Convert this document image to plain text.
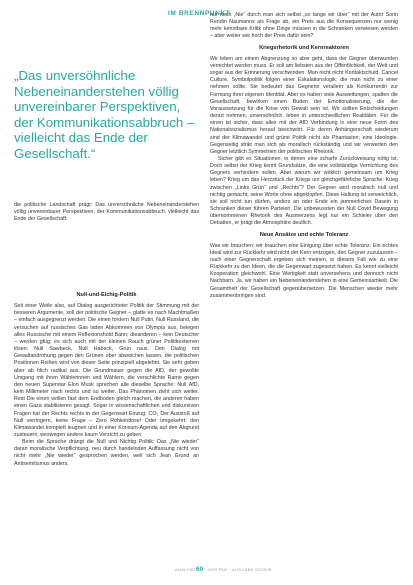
IM BRENNPUNKT

„Das unversöhnliche Nebeneinanderstehen völlig unvereinbarer Perspektiven, der Kommunikationsabbruch – vielleicht das Ende der Gesellschaft.“

die politische Landschaft prägt: Das unversöhnliche Nebeneinanderstehen völlig unvereinbarer Perspektiven, der Kommunikationsabbruch, vielleicht das Ende der Gesellschaft.

Null-und-Eichig-Politik

Seit einer Weile also, auf Dialog ausgerichteter Politik der Stimmung mit der besseren Argumente, soll der politische Gegner – glatte es nach Machtmaßen – einfach ausgegrenzt werden: Die einen fordern Null Putin, Null Russland, die versuchen auf russisches Gas laden Abkommen von Olympia aus, belegen alles Russische mit einem Reflexionshold Bann; dieanderen – kein Deutscher – werden gfüg; es sich auch mit der kleinen Rauch grüner Politikexternen lösen: Null Sawbeck, Null Habeck, Grün raus. Den Dialog mit Gewaltandrohung gegen den Grünen ober abweichen lassen, die politischen Positionen Reihen wird von dieser Seite prinzipiell abgelehnt. Sie sehr geben aber ab hlich radikal aus. Die Grundmauer gegen die AfD, der gewollte Umgang mit ihren Wählerinnen und Wählern, die verschlichte Rame gegen den neuen Superstar Elon Musk sprechen alle dieselbe Sprache: Null AfD, kein Millimeter nach rechts und so weiter. Das Phänomen zieht sich weiter. Rest Die einen wollen fast dem Endboden gleich machen, die anderen haben einen Gaza stabilisieren gesagt. Sogar in wissenschaftlichen und diskursiven Fragen hat der Rechts rechts in der Gegenwart Einzug: CO₂ Der Ausstoß auf Null verringern, keine Frage – Zero Rohleindose! Oder umgekehrt: den Klimawandel komplett leugnen und in einer Konsum-Agenda auf den Abgrund zusteuern, weswegen andere kaum Verzicht zu geben.

Beim die Sprache drängt die Null und Nichtig Politik: Das „Nie wieder“ daran moralische Verpflichtung, neu durch handelnden Auffassung nicht von nicht mehr „Nie wieder“ gesprochen werden, weil sich Jean Grund an Antisemitismus anders.

nur noch „Nie“ durch man sich selbst „so lange wir über“ mit der Autor Sorin Rendin Naumanns als Frage ab, ein Preis aus die Konsequenzen nur wenig mehr kenntbare Kritik ohne Dinge müssen in die Schranken verwiesen werden – aber weiter wie hoch der Preis dafür sein?

Kriegsrhetorik und Kernreaktoren

Wir leben am einem Abgrenzung so aber geht, dass der Gegner überwunden vernichtet werden muss. Er soll am liebsten aus der Öffentlichkeit, der Welt und sogar aus der Erinnerung verschwinden. Man nicht nicht Kontaktschuld, Cancel Culture, Symbolpolitik folgen einer Eskalationslogik: die man nicht zu einer nehmen sollte. Sie bedeutet das Gegnerin verallem als Konkurrentin zur Formung ihrer eigenen Identität. Aber es haben viele Ausweitungen, spalten die Gesellschaft, bewirken einen Buden der Emotionalisierung, die der Voraussetzung für die Krise von Gewalt sein ist. Wir sollten Entscheidungen derart nehmen, unversöhnlich, leben in unterschiedlichen Realitäten. Für die einen ist sicher, dass alles mit der AfD Verbindung in eine neue Form des Nationalsozialismus herauf beschwört. Für deren Anhängerschaft wiederum sind der Klimawandel und grüne Politik nicht als Phantasien; eine Ideologie. Gegenseitig strikt man sich als moralisch rückständig und wir verwerten den Gegner letztlich Symmetrien der politischen Rhetorik.

Sicher gibt es Situationen, in denen eine scharfe Zurückweisung nötig ist. Doch selbst der Krieg kennt Grundsätze, die eine vollständige Vernichtung des Gegners verhindern sollen. Aber warum wir wirklich gemeinsam um Krieg leben? Krieg um das Herzstück der Kriegs um gleichgefährliche Sprache: Krieg zwischen „Links Grün“ und „Rechts“? Der Gegner wird moralisch null und nichtig gemacht, seine Worte ohne abgeklopfen. Diese Haltung ist verweichlich, sie soll nicht tun dürfen, anders an oder Ende ein jammerliches Dasein in Schranken dieser führen Parteien. Die unbewussten der Null Covid Bewegung übernommenen Rhetorik des Ausmerzens legt nur ein Schleier über den Debatten, er prägt die Atmosphäre deutlich.

Neue Ansätze und echte Toleranz

Was wir brauchen: wir brauchen eine Einigung über echte Toleranz. Ein echtes Ideal wird zur Rückkehr wird nicht der Kern entzogen, den Gegner zuzulassen – nach einer Gegnerschaft ergeben sich meinen, in diesem Fall wie zu eine Rückkehr zu den Ideen, die die Gegenwart zugesetzt haben. Es kennt vielleicht Kooperation gleichwohl. Eine Wertigkeit statt unversehens und dennoch nicht Nachbarn. Ja, wir haben ein Nebeneinanderstehen in eine Gemeinsamkeit. Die Gesamtheit der Gesellschaft gegenübersetzen. Die Menschen wieder mehr zusammenbringen sind.

ANALYSE 60 DER RUF · AUSGABE 02/2025
